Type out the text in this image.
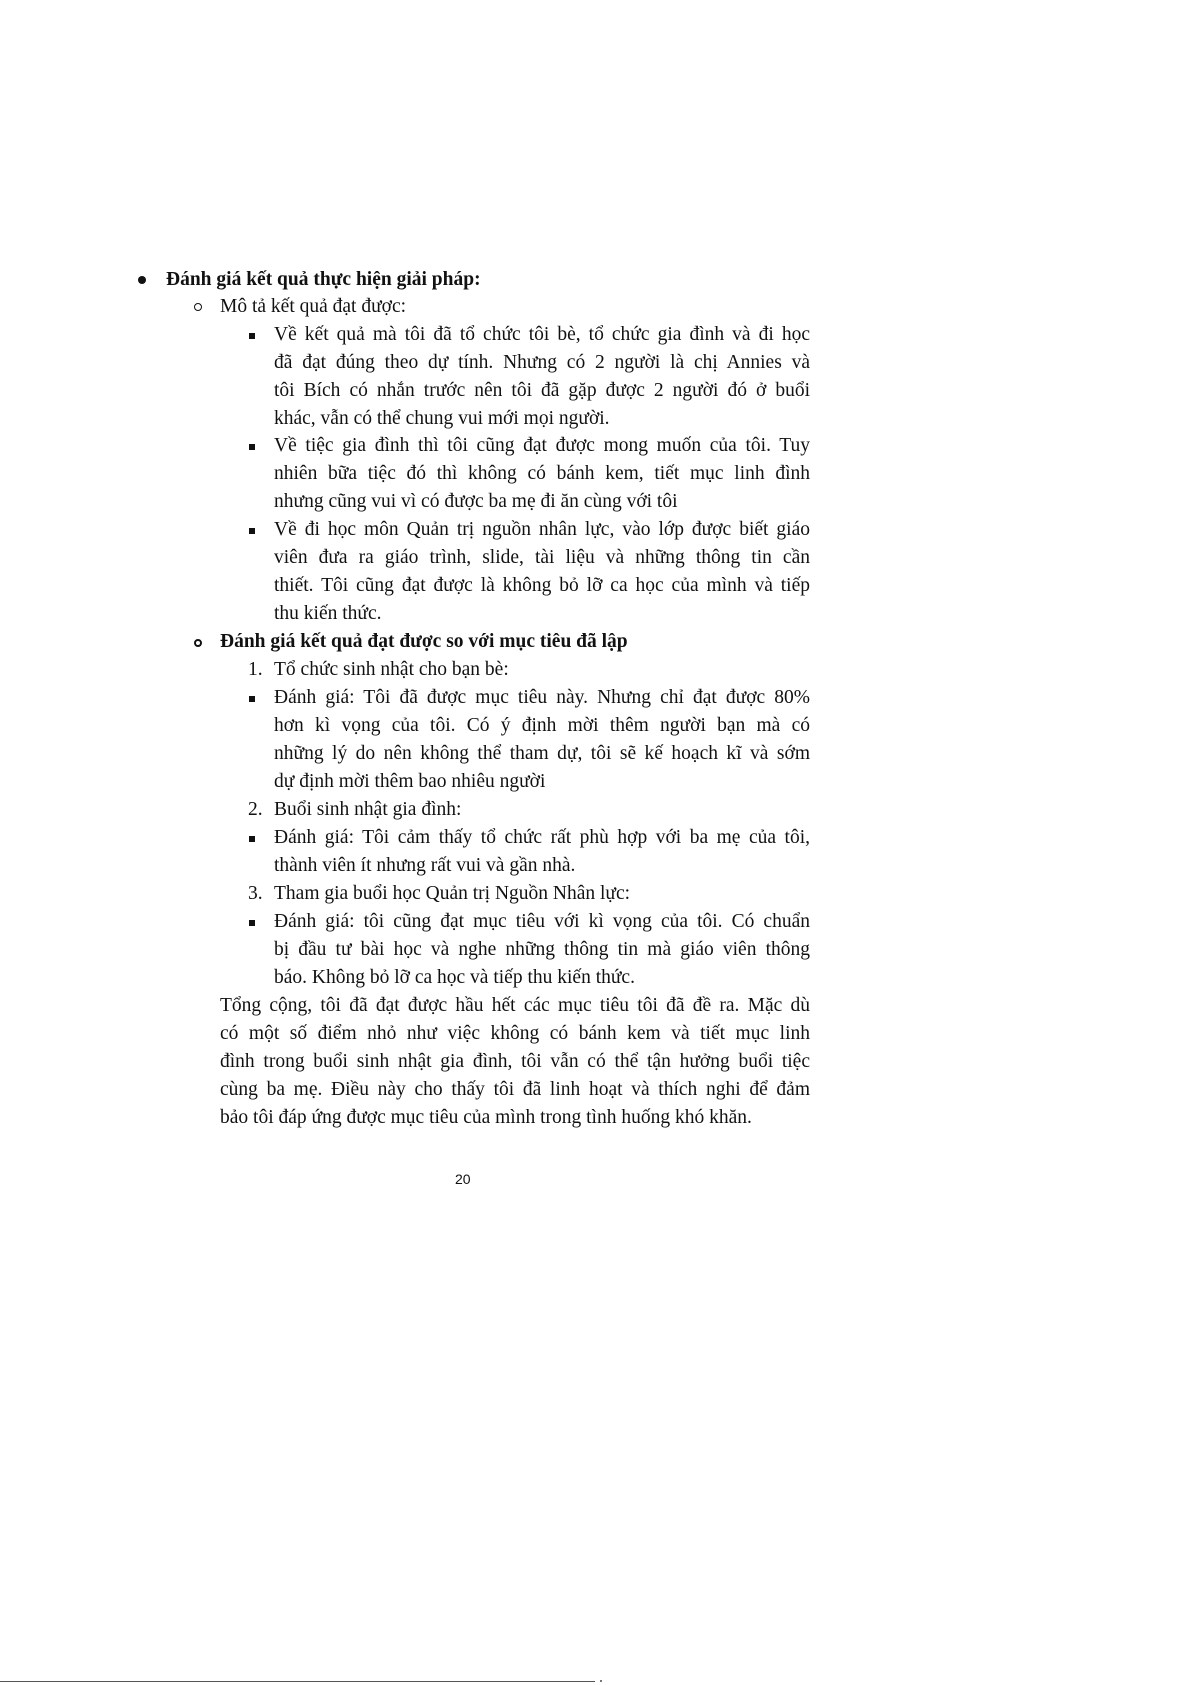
Đánh giá kết quả thực hiện giải pháp:
Mô tả kết quả đạt được:
Về kết quả mà tôi đã tổ chức tôi bè, tổ chức gia đình và đi học
đã đạt đúng theo dự tính. Nhưng có 2 người là chị Annies và
tôi Bích có nhắn trước nên tôi đã gặp được 2 người đó ở buổi
khác, vẫn có thể chung vui mới mọi người.
Về tiệc gia đình thì tôi cũng đạt được mong muốn của tôi. Tuy
nhiên bữa tiệc đó thì không có bánh kem, tiết mục linh đình
nhưng cũng vui vì có được ba mẹ đi ăn cùng với tôi
Về đi học môn Quản trị nguồn nhân lực, vào lớp được biết giáo
viên đưa ra giáo trình, slide, tài liệu và những thông tin cần
thiết. Tôi cũng đạt được là không bỏ lỡ ca học của mình và tiếp
thu kiến thức.
Đánh giá kết quả đạt được so với mục tiêu đã lập
1. Tổ chức sinh nhật cho bạn bè:
Đánh giá: Tôi đã được mục tiêu này. Nhưng chỉ đạt được 80%
hơn kì vọng của tôi. Có ý định mời thêm người bạn mà có
những lý do nên không thể tham dự, tôi sẽ kế hoạch kĩ và sớm
dự định mời thêm bao nhiêu người
2. Buổi sinh nhật gia đình:
Đánh giá: Tôi cảm thấy tổ chức rất phù hợp với ba mẹ của tôi,
thành viên ít nhưng rất vui và gần nhà.
3. Tham gia buổi học Quản trị Nguồn Nhân lực:
Đánh giá: tôi cũng đạt mục tiêu với kì vọng của tôi. Có chuẩn
bị đầu tư bài học và nghe những thông tin mà giáo viên thông
báo. Không bỏ lỡ ca học và tiếp thu kiến thức.
Tổng cộng, tôi đã đạt được hầu hết các mục tiêu tôi đã đề ra. Mặc dù
có một số điểm nhỏ như việc không có bánh kem và tiết mục linh
đình trong buổi sinh nhật gia đình, tôi vẫn có thể tận hưởng buổi tiệc
cùng ba mẹ. Điều này cho thấy tôi đã linh hoạt và thích nghi để đảm
bảo tôi đáp ứng được mục tiêu của mình trong tình huống khó khăn.
20
